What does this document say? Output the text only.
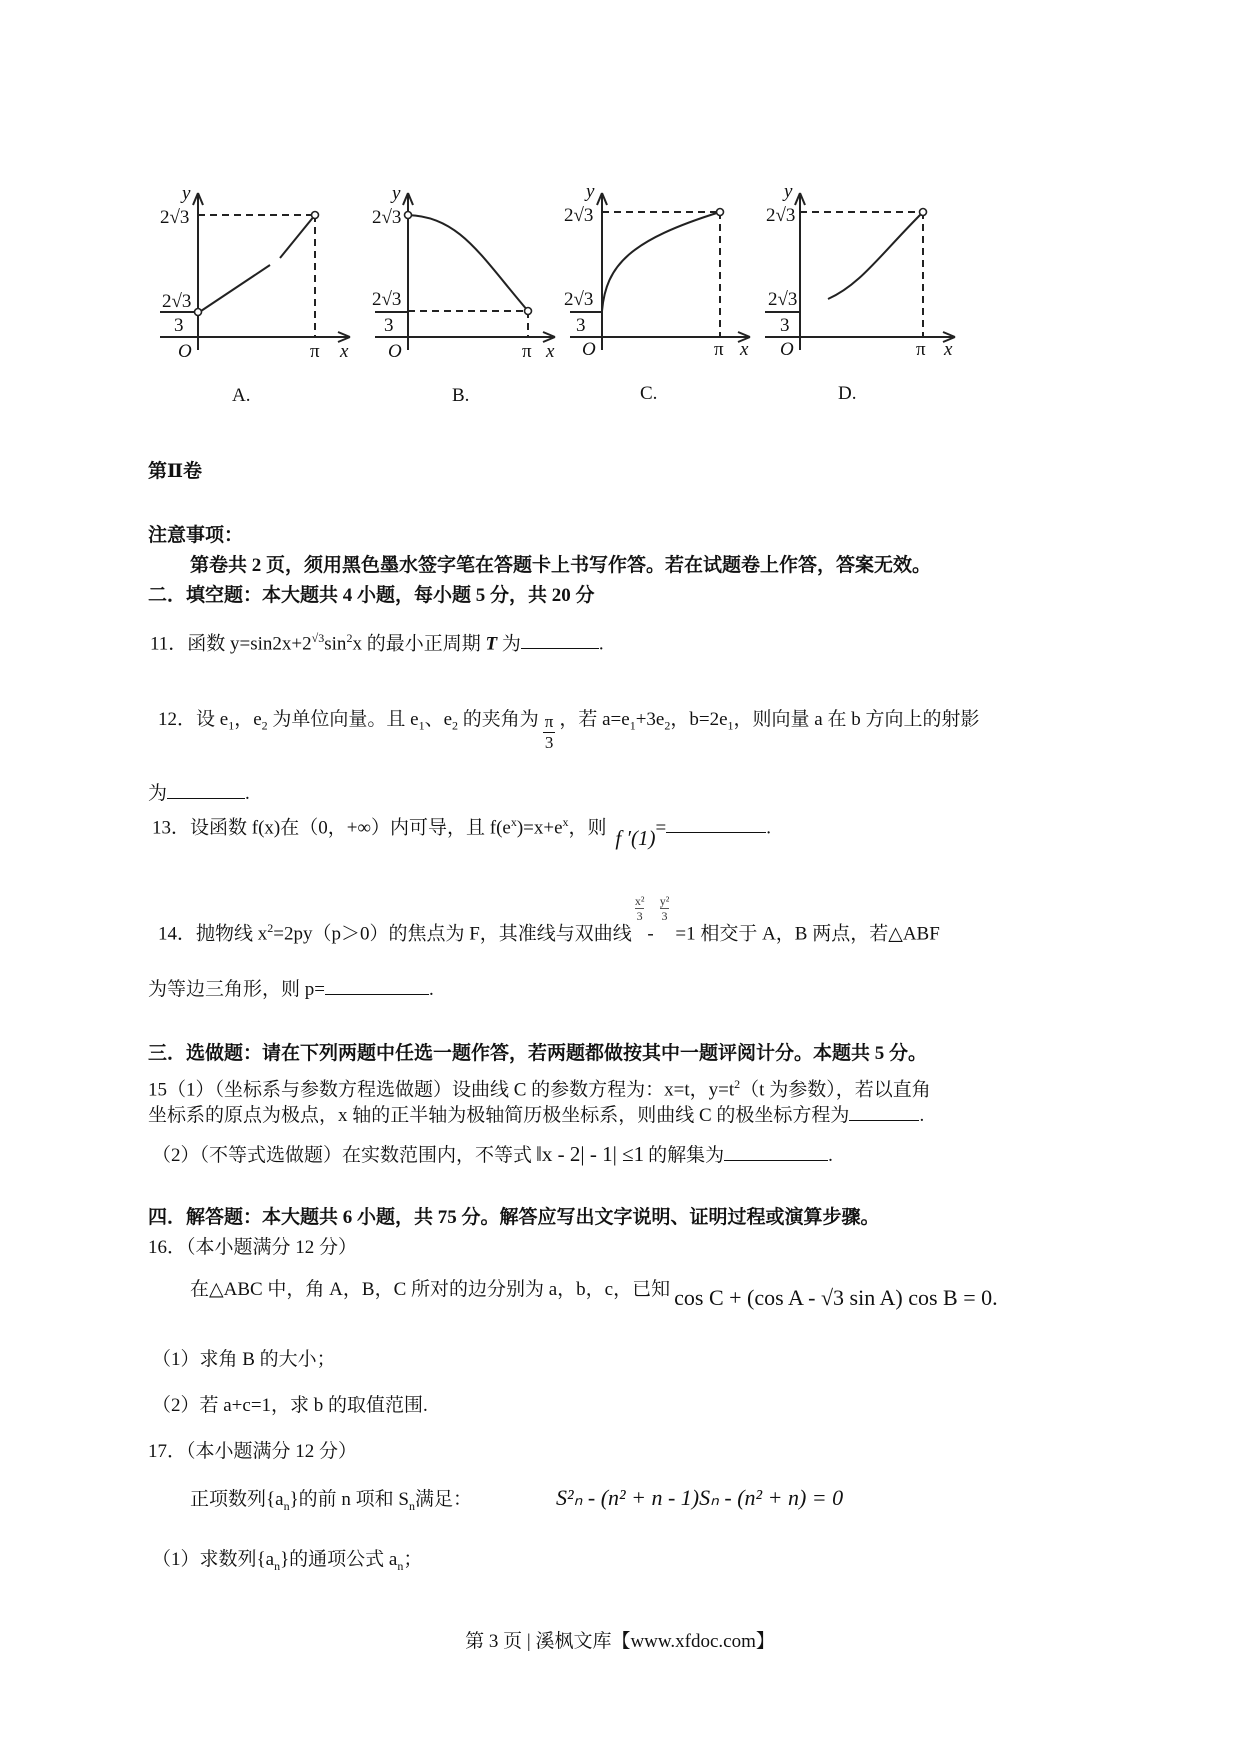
y
2√3
2√3
3
O	π x
A.
y
2√3
2√3
3
O	π x
B.
y
2√3
2√3
3
O	π x
C.
y
2√3
2√3
3
O	π x
D.
第Ⅱ卷
注意事项：
第卷共 2 页，须用黑色墨水签字笔在答题卡上书写作答。若在试题卷上作答，答案无效。
二．填空题：本大题共 4 小题，每小题 5 分，共 20 分
11．函数 $y=\sin 2x+2^{√3}\sin^2x$ 的最小正周期 T 为	.
12．设 $e_1$，$e_2$ 为单位向量。且 $e_1$、$e_2$ 的夹角为 $\frac{\pi}{3}$ ，若 $a=e_1+3e_2$，$b=2e_1$，则向量 a 在 b 方向上的射影
为	.
13．设函数 f(x)在（0，+∞）内可导，且 $f(e^x)=x+e^x$，则 f ′(1)=	.
14．抛物线 $x^2=2py(p>0)$的焦点为 F，其准线与双曲线
$\frac{\text{x²}}{3}$
-
$\frac{\text{y²}}{3}$
=1 相交于 A，B 两点，若△ABF
为等边三角形，则 p=	.
三．选做题：请在下列两题中任选一题作答，若两题都做按其中一题评阅计分。本题共 5 分。
15（1）（坐标系与参数方程选做题）设曲线 C 的参数方程为：x=t，$y=t^2(t$ 为参数），若以直角
坐标系的原点为极点，x 轴的正半轴为极轴简历极坐标系，则曲线 C 的极坐标方程为	.
（2）（不等式选做题）在实数范围内，不等式 ‖x - 2| - 1| ≤1 的解集为	.
四．解答题：本大题共 6 小题，共 75 分。解答应写出文字说明、证明过程或演算步骤。
16．（本小题满分 12 分）
在△ABC 中，角 A，B，C 所对的边分别为 a，b，c，已知 cos C + (cos A - √3 sin A) cos B = 0.
（1）求角 B 的大小；
（2）若 a+c=1，求 b 的取值范围.
17．（本小题满分 12 分）
正项数列$\{a_n\}$的前 n 项和 $S_n$满足：	S²ₙ - (n² + n - 1)Sₙ - (n² + n) = 0
（1）求数列$\{a_n\}$的通项公式 $a_n$；
第 3 页 | 溪枫文库【www.xfdoc.com】
